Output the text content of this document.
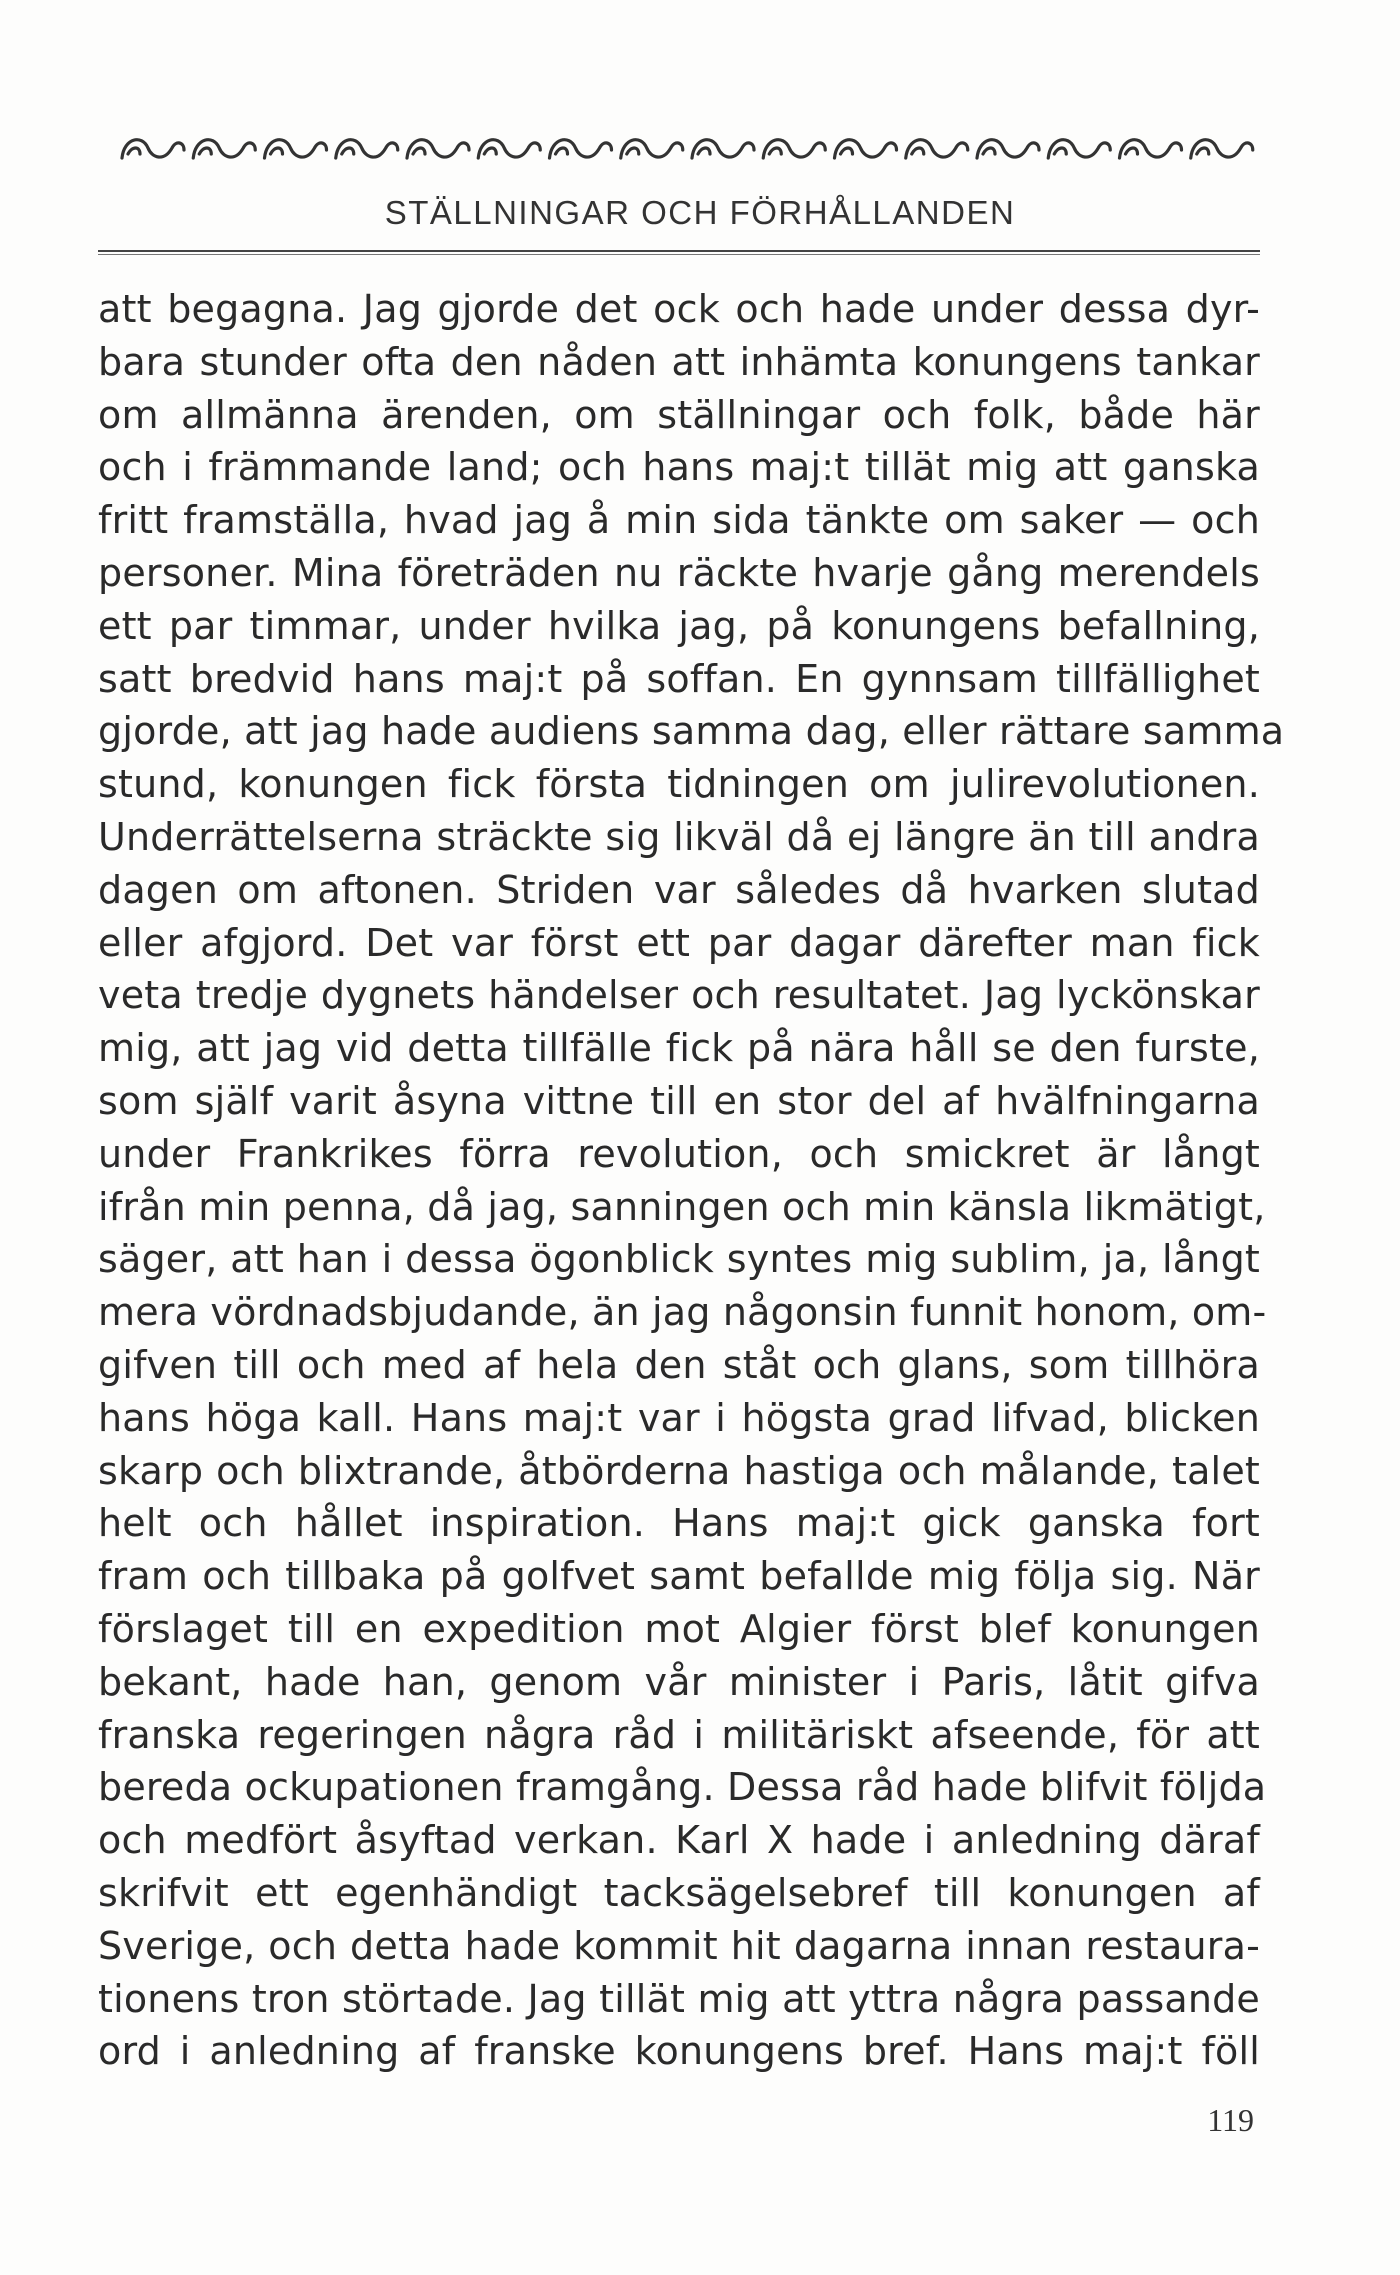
STÄLLNINGAR OCH FÖRHÅLLANDEN
att begagna. Jag gjorde det ock och hade under dessa dyr-
bara stunder ofta den nåden att inhämta konungens tankar
om allmänna ärenden, om ställningar och folk, både här
och i främmande land; och hans maj:t tillät mig att ganska
fritt framställa, hvad jag å min sida tänkte om saker — och
personer. Mina företräden nu räckte hvarje gång merendels
ett par timmar, under hvilka jag, på konungens befallning,
satt bredvid hans maj:t på soffan. En gynnsam tillfällighet
gjorde, att jag hade audiens samma dag, eller rättare samma
stund, konungen fick första tidningen om julirevolutionen.
Underrättelserna sträckte sig likväl då ej längre än till andra
dagen om aftonen. Striden var således då hvarken slutad
eller afgjord. Det var först ett par dagar därefter man fick
veta tredje dygnets händelser och resultatet. Jag lyckönskar
mig, att jag vid detta tillfälle fick på nära håll se den furste,
som själf varit åsyna vittne till en stor del af hvälfningarna
under Frankrikes förra revolution, och smickret är långt
ifrån min penna, då jag, sanningen och min känsla likmätigt,
säger, att han i dessa ögonblick syntes mig sublim, ja, långt
mera vördnadsbjudande, än jag någonsin funnit honom, om-
gifven till och med af hela den ståt och glans, som tillhöra
hans höga kall. Hans maj:t var i högsta grad lifvad, blicken
skarp och blixtrande, åtbörderna hastiga och målande, talet
helt och hållet inspiration. Hans maj:t gick ganska fort
fram och tillbaka på golfvet samt befallde mig följa sig. När
förslaget till en expedition mot Algier först blef konungen
bekant, hade han, genom vår minister i Paris, låtit gifva
franska regeringen några råd i militäriskt afseende, för att
bereda ockupationen framgång. Dessa råd hade blifvit följda
och medfört åsyftad verkan. Karl X hade i anledning däraf
skrifvit ett egenhändigt tacksägelsebref till konungen af
Sverige, och detta hade kommit hit dagarna innan restaura-
tionens tron störtade. Jag tillät mig att yttra några passande
ord i anledning af franske konungens bref. Hans maj:t föll
119
